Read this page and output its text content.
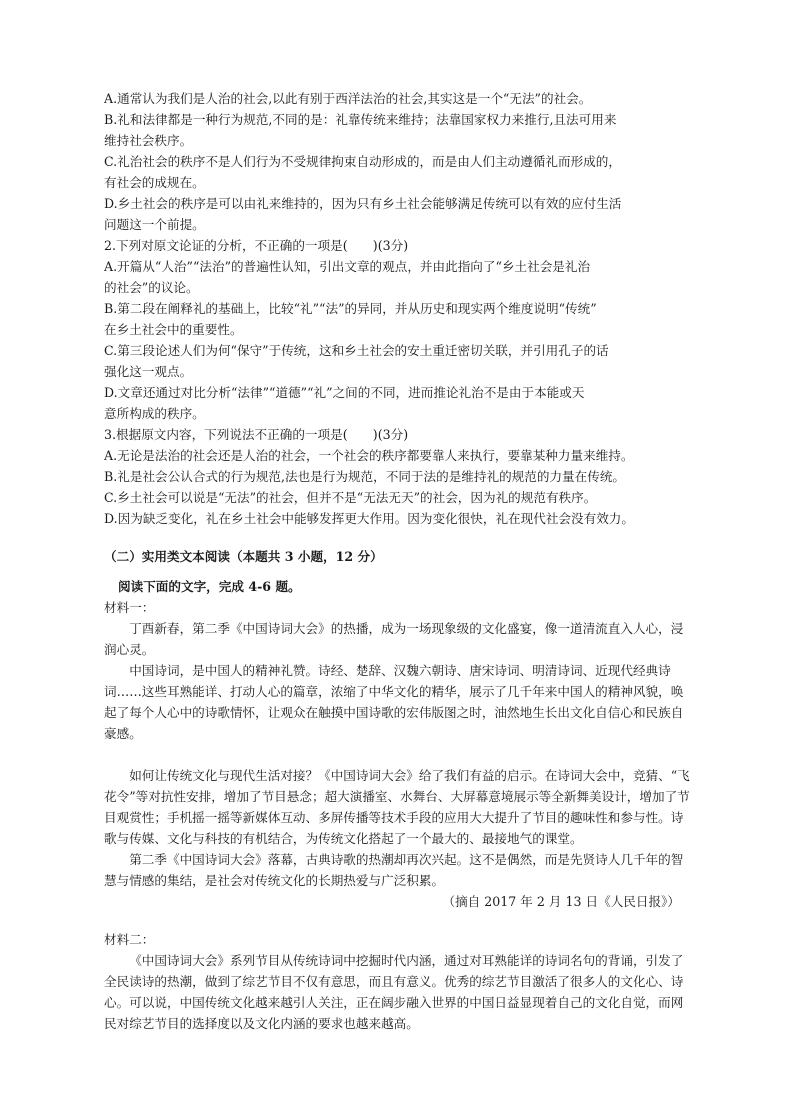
A.通常认为我们是人治的社会,以此有别于西洋法治的社会,其实这是一个“无法”的社会。
B.礼和法律都是一种行为规范,不同的是：礼靠传统来维持；法靠国家权力来推行,且法可用来
维持社会秩序。
C.礼治社会的秩序不是人们行为不受规律拘束自动形成的，而是由人们主动遵循礼而形成的，
有社会的成规在。
D.乡土社会的秩序是可以由礼来维持的，因为只有乡土社会能够满足传统可以有效的应付生活
问题这一个前提。
2.下列对原文论证的分析，不正确的一项是(　　)(3分)
A.开篇从“人治”“法治”的普遍性认知，引出文章的观点，并由此指向了“乡土社会是礼治
的社会”的议论。
B.第二段在阐释礼的基础上，比较“礼”“法”的异同，并从历史和现实两个维度说明“传统”
在乡土社会中的重要性。
C.第三段论述人们为何“保守”于传统，这和乡土社会的安土重迁密切关联，并引用孔子的话
强化这一观点。
D.文章还通过对比分析“法律”“道德”“礼”之间的不同，进而推论礼治不是由于本能或天
意所构成的秩序。
3.根据原文内容，下列说法不正确的一项是(　　)(3分)
A.无论是法治的社会还是人治的社会，一个社会的秩序都要靠人来执行，要靠某种力量来维持。
B.礼是社会公认合式的行为规范,法也是行为规范，不同于法的是维持礼的规范的力量在传统。
C.乡土社会可以说是“无法”的社会，但并不是“无法无天”的社会，因为礼的规范有秩序。
D.因为缺乏变化，礼在乡土社会中能够发挥更大作用。因为变化很快，礼在现代社会没有效力。
（二）实用类文本阅读（本题共 3 小题，12 分）
阅读下面的文字，完成 4-6 题。
材料一：
丁酉新春，第二季《中国诗词大会》的热播，成为一场现象级的文化盛宴，像一道清流直入人心，浸润心灵。
中国诗词，是中国人的精神礼赞。诗经、楚辞、汉魏六朝诗、唐宋诗词、明清诗词、近现代经典诗词……这些耳熟能详、打动人心的篇章，浓缩了中华文化的精华，展示了几千年来中国人的精神风貌，唤起了每个人心中的诗歌情怀，让观众在触摸中国诗歌的宏伟版图之时，油然地生长出文化自信心和民族自豪感。
如何让传统文化与现代生活对接？《中国诗词大会》给了我们有益的启示。在诗词大会中，竞猜、“飞花令”等对抗性安排，增加了节目悬念；超大演播室、水舞台、大屏幕意境展示等全新舞美设计，增加了节目观赏性；手机摇一摇等新媒体互动、多屏传播等技术手段的应用大大提升了节目的趣味性和参与性。诗歌与传媒、文化与科技的有机结合，为传统文化搭起了一个最大的、最接地气的课堂。
第二季《中国诗词大会》落幕，古典诗歌的热潮却再次兴起。这不是偶然，而是先贤诗人几千年的智慧与情感的集结，是社会对传统文化的长期热爱与广泛积累。
（摘自 2017 年 2 月 13 日《人民日报》）
材料二：
《中国诗词大会》系列节目从传统诗词中挖掘时代内涵，通过对耳熟能详的诗词名句的背诵，引发了全民读诗的热潮，做到了综艺节目不仅有意思，而且有意义。优秀的综艺节目激活了很多人的文化心、诗心。可以说，中国传统文化越来越引人关注，正在阔步融入世界的中国日益显现着自己的文化自觉，而网民对综艺节目的选择度以及文化内涵的要求也越来越高。
